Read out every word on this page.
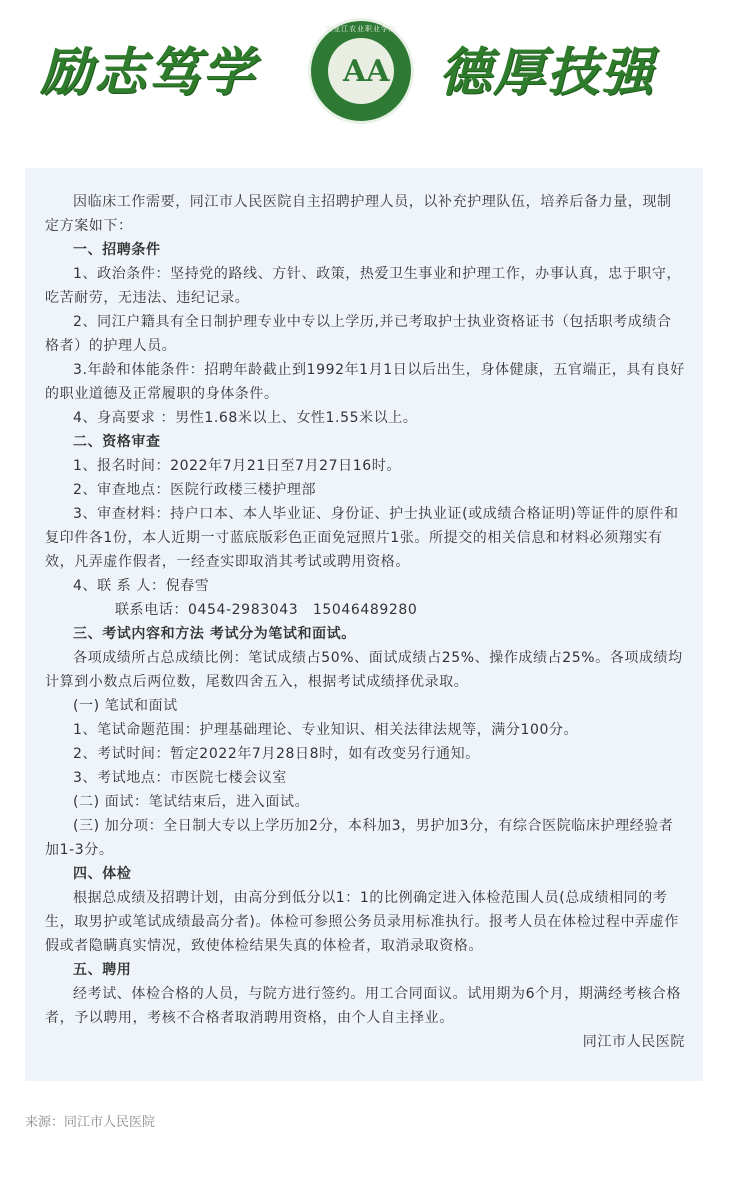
励志笃学
黑龙江农业职业学院
AA 德厚技强

因临床工作需要，同江市人民医院自主招聘护理人员，以补充护理队伍，培养后备力量，现制定方案如下：

一、招聘条件

1、政治条件：坚持党的路线、方针、政策，热爱卫生事业和护理工作，办事认真，忠于职守，吃苦耐劳，无违法、违纪记录。

2、同江户籍具有全日制护理专业中专以上学历,并已考取护士执业资格证书（包括职考成绩合格者）的护理人员。

3.年龄和体能条件：招聘年龄截止到1992年1月1日以后出生，身体健康，五官端正，具有良好的职业道德及正常履职的身体条件。

4、身高要求 ：男性1.68米以上、女性1.55米以上。

二、资格审查

1、报名时间：2022年7月21日至7月27日16时。

2、审查地点：医院行政楼三楼护理部

3、审查材料：持户口本、本人毕业证、身份证、护士执业证(或成绩合格证明)等证件的原件和复印件各1份，本人近期一寸蓝底版彩色正面免冠照片1张。所提交的相关信息和材料必须翔实有效，凡弄虚作假者，一经查实即取消其考试或聘用资格。

4、联 系 人：倪春雪

联系电话：0454-2983043　15046489280

三、考试内容和方法 考试分为笔试和面试。

各项成绩所占总成绩比例：笔试成绩占50%、面试成绩占25%、操作成绩占25%。各项成绩均计算到小数点后两位数，尾数四舍五入，根据考试成绩择优录取。

(一) 笔试和面试

1、笔试命题范围：护理基础理论、专业知识、相关法律法规等，满分100分。

2、考试时间：暂定2022年7月28日8时，如有改变另行通知。

3、考试地点：市医院七楼会议室

(二) 面试：笔试结束后，进入面试。

(三) 加分项：全日制大专以上学历加2分，本科加3，男护加3分，有综合医院临床护理经验者加1-3分。

四、体检

根据总成绩及招聘计划，由高分到低分以1：1的比例确定进入体检范围人员(总成绩相同的考生，取男护或笔试成绩最高分者)。体检可参照公务员录用标准执行。报考人员在体检过程中弄虚作假或者隐瞒真实情况，致使体检结果失真的体检者，取消录取资格。

五、聘用

经考试、体检合格的人员，与院方进行签约。用工合同面议。试用期为6个月，期满经考核合格者，予以聘用，考核不合格者取消聘用资格，由个人自主择业。

同江市人民医院

来源：同江市人民医院
